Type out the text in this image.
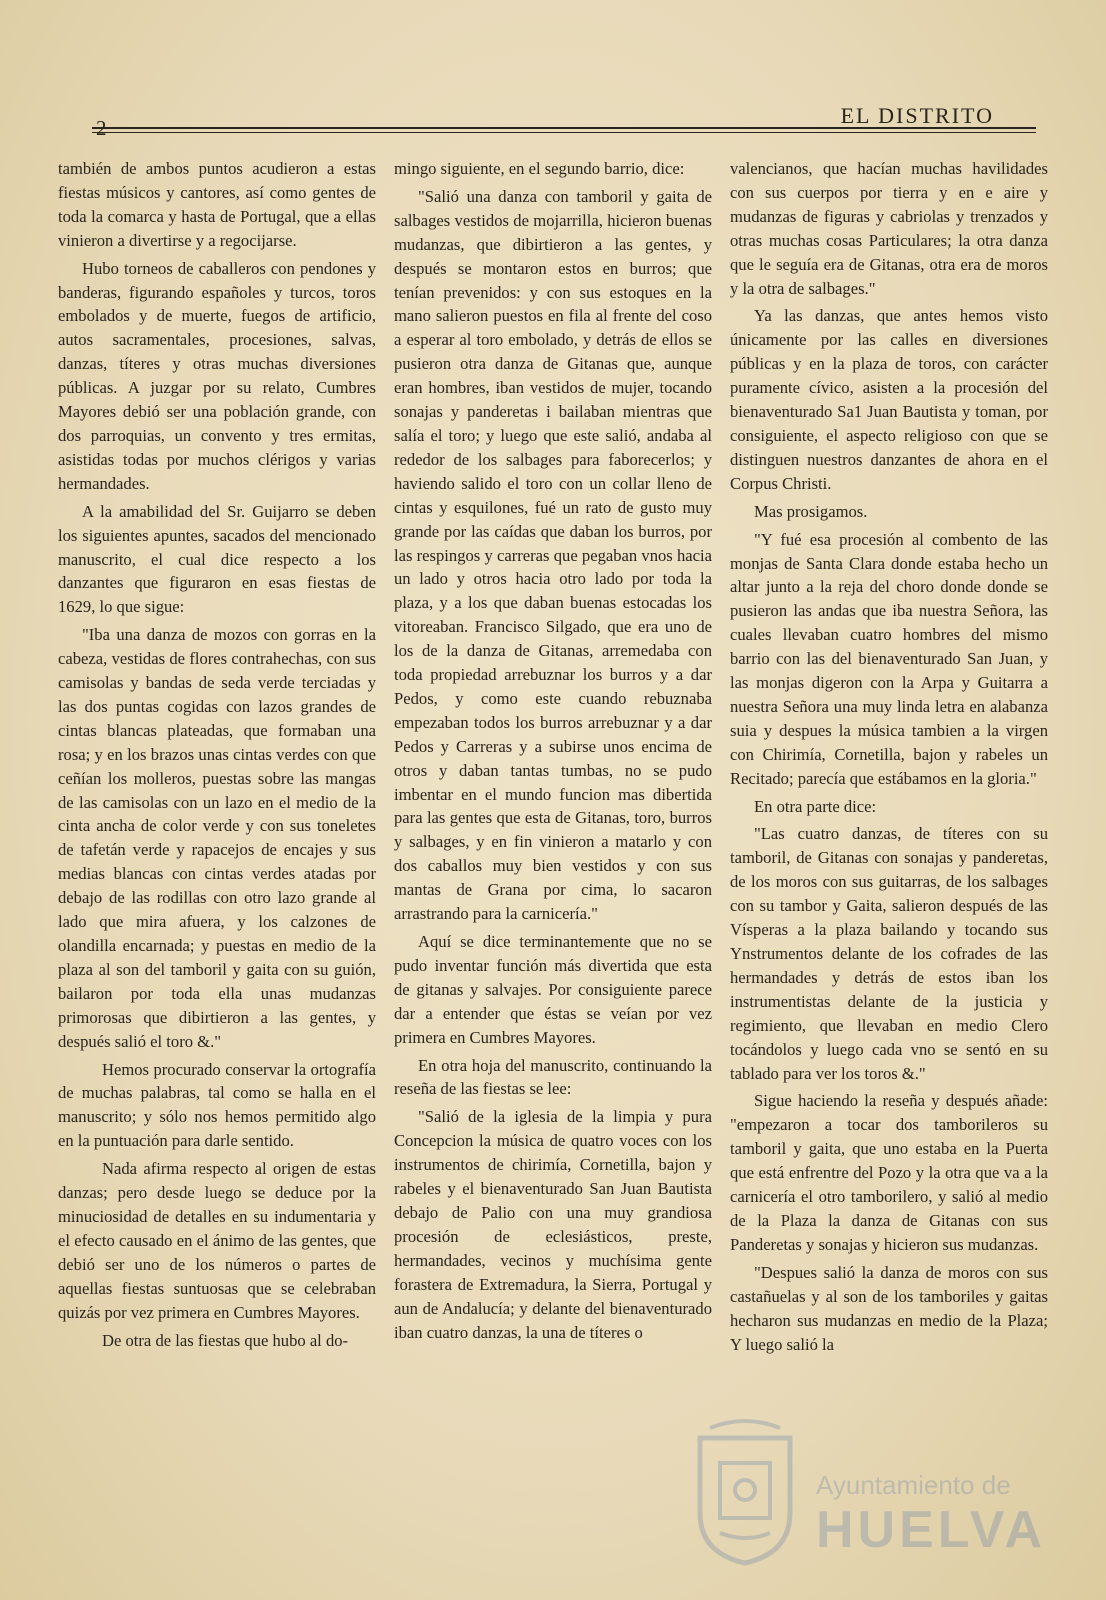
2	EL DISTRITO

también de ambos puntos acudieron a estas fiestas músicos y cantores, así como gentes de toda la comarca y hasta de Portugal, que a ellas vinieron a divertirse y a regocijarse.

Hubo torneos de caballeros con pendones y banderas, figurando españoles y turcos, toros embolados y de muerte, fuegos de artificio, autos sacramentales, procesiones, salvas, danzas, títeres y otras muchas diversiones públicas. A juzgar por su relato, Cumbres Mayores debió ser una población grande, con dos parroquias, un convento y tres ermitas, asistidas todas por muchos clérigos y varias hermandades.

A la amabilidad del Sr. Guijarro se deben los siguientes apuntes, sacados del mencionado manuscrito, el cual dice respecto a los danzantes que figuraron en esas fiestas de 1629, lo que sigue:

"Iba una danza de mozos con gorras en la cabeza, vestidas de flores contrahechas, con sus camisolas y bandas de seda verde terciadas y las dos puntas cogidas con lazos grandes de cintas blancas plateadas, que formaban una rosa; y en los brazos unas cintas verdes con que ceñían los molleros, puestas sobre las mangas de las camisolas con un lazo en el medio de la cinta ancha de color verde y con sus toneletes de tafetán verde y rapacejos de encajes y sus medias blancas con cintas verdes atadas por debajo de las rodillas con otro lazo grande al lado que mira afuera, y los calzones de olandilla encarnada; y puestas en medio de la plaza al son del tamboril y gaita con su guión, bailaron por toda ella unas mudanzas primorosas que dibirtieron a las gentes, y después salió el toro &."

Hemos procurado conservar la ortografía de muchas palabras, tal como se halla en el manuscrito; y sólo nos hemos permitido algo en la puntuación para darle sentido.

Nada afirma respecto al origen de estas danzas; pero desde luego se deduce por la minuciosidad de detalles en su indumentaria y el efecto causado en el ánimo de las gentes, que debió ser uno de los números o partes de aquellas fiestas suntuosas que se celebraban quizás por vez primera en Cumbres Mayores.

De otra de las fiestas que hubo al do-

mingo siguiente, en el segundo barrio, dice:

"Salió una danza con tamboril y gaita de salbages vestidos de mojarrilla, hicieron buenas mudanzas, que dibirtieron a las gentes, y después se montaron estos en burros; que tenían prevenidos: y con sus estoques en la mano salieron puestos en fila al frente del coso a esperar al toro embolado, y detrás de ellos se pusieron otra danza de Gitanas que, aunque eran hombres, iban vestidos de mujer, tocando sonajas y panderetas i bailaban mientras que salía el toro; y luego que este salió, andaba al rededor de los salbages para faborecerlos; y haviendo salido el toro con un collar lleno de cintas y esquilones, fué un rato de gusto muy grande por las caídas que daban los burros, por las respingos y carreras que pegaban vnos hacia un lado y otros hacia otro lado por toda la plaza, y a los que daban buenas estocadas los vitoreaban. Francisco Silgado, que era uno de los de la danza de Gitanas, arremedaba con toda propiedad arrebuznar los burros y a dar Pedos, y como este cuando rebuznaba empezaban todos los burros arrebuznar y a dar Pedos y Carreras y a subirse unos encima de otros y daban tantas tumbas, no se pudo imbentar en el mundo funcion mas dibertida para las gentes que esta de Gitanas, toro, burros y salbages, y en fin vinieron a matarlo y con dos caballos muy bien vestidos y con sus mantas de Grana por cima, lo sacaron arrastrando para la carnicería."

Aquí se dice terminantemente que no se pudo inventar función más divertida que esta de gitanas y salvajes. Por consiguiente parece dar a entender que éstas se veían por vez primera en Cumbres Mayores.

En otra hoja del manuscrito, continuando la reseña de las fiestas se lee:

"Salió de la iglesia de la limpia y pura Concepcion la música de quatro voces con los instrumentos de chirimía, Cornetilla, bajon y rabeles y el bienaventurado San Juan Bautista debajo de Palio con una muy grandiosa procesión de eclesiásticos, preste, hermandades, vecinos y muchísima gente forastera de Extremadura, la Sierra, Portugal y aun de Andalucía; y delante del bienaventurado iban cuatro danzas, la una de títeres o

valencianos, que hacían muchas havilidades con sus cuerpos por tierra y en e aire y mudanzas de figuras y cabriolas y trenzados y otras muchas cosas Particulares; la otra danza que le seguía era de Gitanas, otra era de moros y la otra de salbages."

Ya las danzas, que antes hemos visto únicamente por las calles en diversiones públicas y en la plaza de toros, con carácter puramente cívico, asisten a la procesión del bienaventurado Sa1 Juan Bautista y toman, por consiguiente, el aspecto religioso con que se distinguen nuestros danzantes de ahora en el Corpus Christi.

Mas prosigamos.

"Y fué esa procesión al combento de las monjas de Santa Clara donde estaba hecho un altar junto a la reja del choro donde donde se pusieron las andas que iba nuestra Señora, las cuales llevaban cuatro hombres del mismo barrio con las del bienaventurado San Juan, y las monjas digeron con la Arpa y Guitarra a nuestra Señora una muy linda letra en alabanza suia y despues la música tambien a la virgen con Chirimía, Cornetilla, bajon y rabeles un Recitado; parecía que estábamos en la gloria."

En otra parte dice:

"Las cuatro danzas, de títeres con su tamboril, de Gitanas con sonajas y panderetas, de los moros con sus guitarras, de los salbages con su tambor y Gaita, salieron después de las Vísperas a la plaza bailando y tocando sus Ynstrumentos delante de los cofrades de las hermandades y detrás de estos iban los instrumentistas delante de la justicia y regimiento, que llevaban en medio Clero tocándolos y luego cada vno se sentó en su tablado para ver los toros &."

Sigue haciendo la reseña y después añade: "empezaron a tocar dos tamborileros su tamboril y gaita, que uno estaba en la Puerta que está enfrentre del Pozo y la otra que va a la carnicería el otro tamborilero, y salió al medio de la Plaza la danza de Gitanas con sus Panderetas y sonajas y hicieron sus mudanzas.

"Despues salió la danza de moros con sus castañuelas y al son de los tamboriles y gaitas hecharon sus mudanzas en medio de la Plaza; Y luego salió la

Ayuntamiento de
HUELVA
